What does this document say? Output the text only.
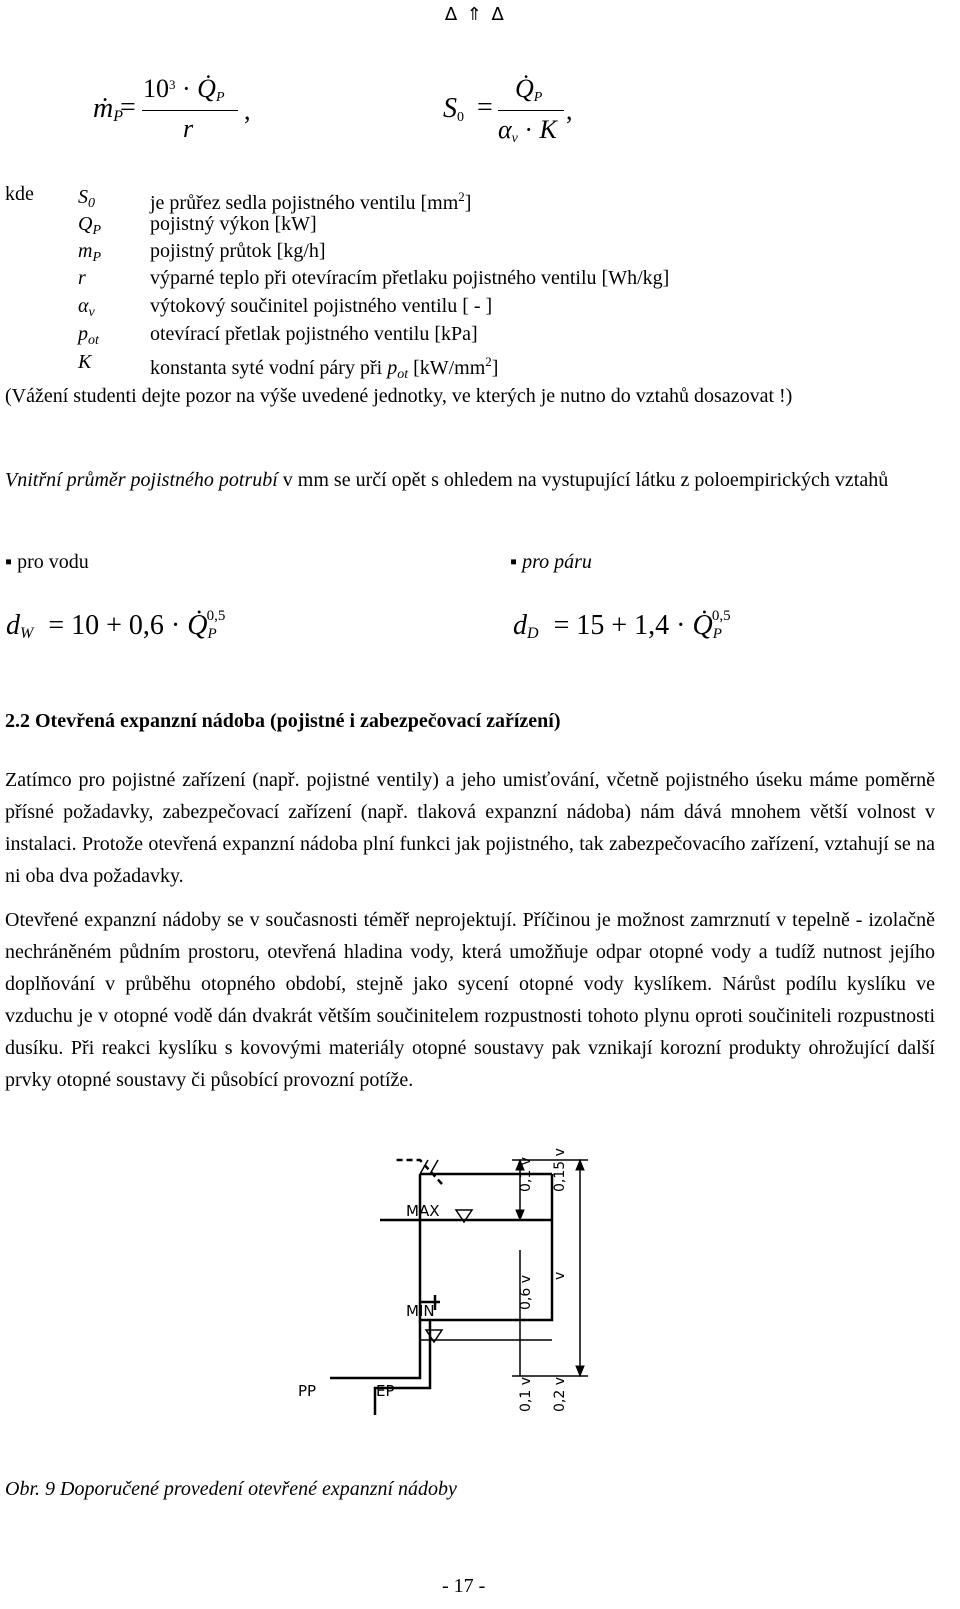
∆ ⇑ ∆
ṁ$_P$
=
$10^3$ · $Q̇_P$
r
,	$S_0$ =
$Q̇_P$
$\alpha_v \cdot K$
,
kde $S_0$	je průřez sedla pojistného ventilu $[mm^2]$
$Q_P$ pojistný výkon [kW]
$m_P$ pojistný průtok [kg/h]
r	výparné teplo při otevíracím přetlaku pojistného ventilu [Wh/kg]
$\alpha_v$	výtokový součinitel pojistného ventilu [ - ]
$p_{ot}$	otevírací přetlak pojistného ventilu [kPa]
K	konstanta syté vodní páry při $p_{ot}$ $[kW/mm^2]$
(Vážení studenti dejte pozor na výše uvedené jednotky, ve kterých je nutno do vztahů dosazovat !)
Vnitřní průměr pojistného potrubí v mm se určí opět s ohledem na vystupující látku z poloempirických vztahů
▪ pro vodu	▪ pro páru
$d_W = 10 + 0,6$ · $Q̇_P^{0,5}$	$d_D = 15 + 1,4$ · $Q̇_P^{0,5}$
2.2 Otevřená expanzní nádoba (pojistné i zabezpečovací zařízení)
Zatímco pro pojistné zařízení (např. pojistné ventily) a jeho umisťování, včetně pojistného úseku máme poměrně přísné požadavky, zabezpečovací zařízení (např. tlaková expanzní nádoba) nám dává mnohem větší volnost v instalaci. Protože otevřená expanzní nádoba plní funkci jak pojistného, tak zabezpečovacího zařízení, vztahují se na ni oba dva požadavky.
Otevřené expanzní nádoby se v současnosti téměř neprojektují. Příčinou je možnost zamrznutí v tepelně - izolačně nechráněném půdním prostoru, otevřená hladina vody, která umožňuje odpar otopné vody a tudíž nutnost jejího doplňování v průběhu otopného období, stejně jako sycení otopné vody kyslíkem. Nárůst podílu kyslíku ve vzduchu je v otopné vodě dán dvakrát větším součinitelem rozpustnosti tohoto plynu oproti součiniteli rozpustnosti dusíku. Při reakci kyslíku s kovovými materiály otopné soustavy pak vznikají korozní produkty ohrožující další prvky otopné soustavy či působící provozní potíže.
MAX
MIN
PP	EP
0,1 v 0,15 v
0,6 v v
0,1 v 0,2 v
Obr. 9 Doporučené provedení otevřené expanzní nádoby
- 17 -
